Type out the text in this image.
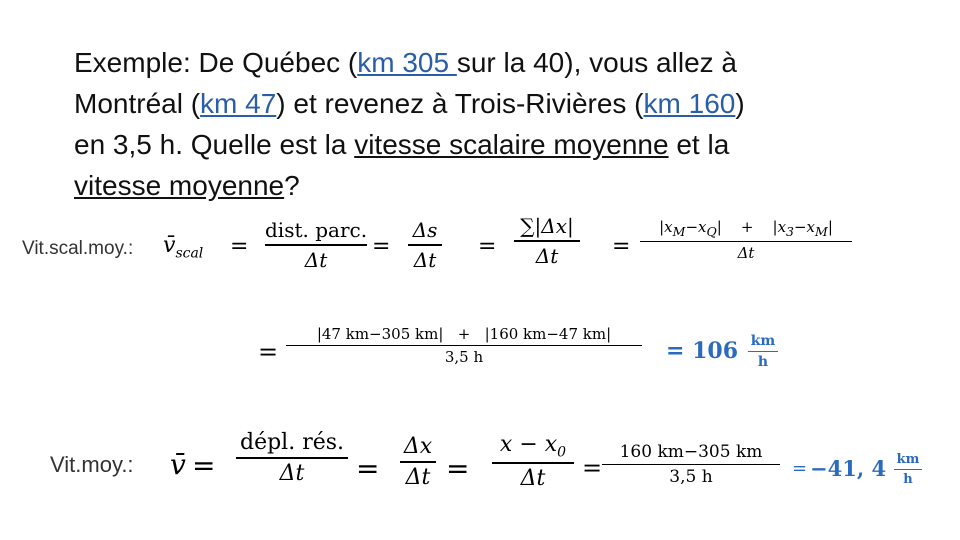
Exemple: De Québec (km 305 sur la 40), vous allez à
Montréal (km 47) et revenez à Trois-Rivières (km 160)
en 3,5 h. Quelle est la vitesse scalaire moyenne et la
vitesse moyenne?
Vit.scal.moy.: $v̄_{scal}$ =
dist. parc.
Δt
=
Δs
Δt
=
∑|Δx|
Δt	=
$|x_M-x_Q| + |x_3-x_M|$
Δt
=
|47 km−305 km| + |160 km−47 km|
3,5 h	= 106 km
h
Vit.moy.: v̄ =
dépl. rés.
Δt	=
Δx
Δt =
$x - x_0$
Δt	=
160 km−305 km
3,5 h	= −41, 4 km
h
